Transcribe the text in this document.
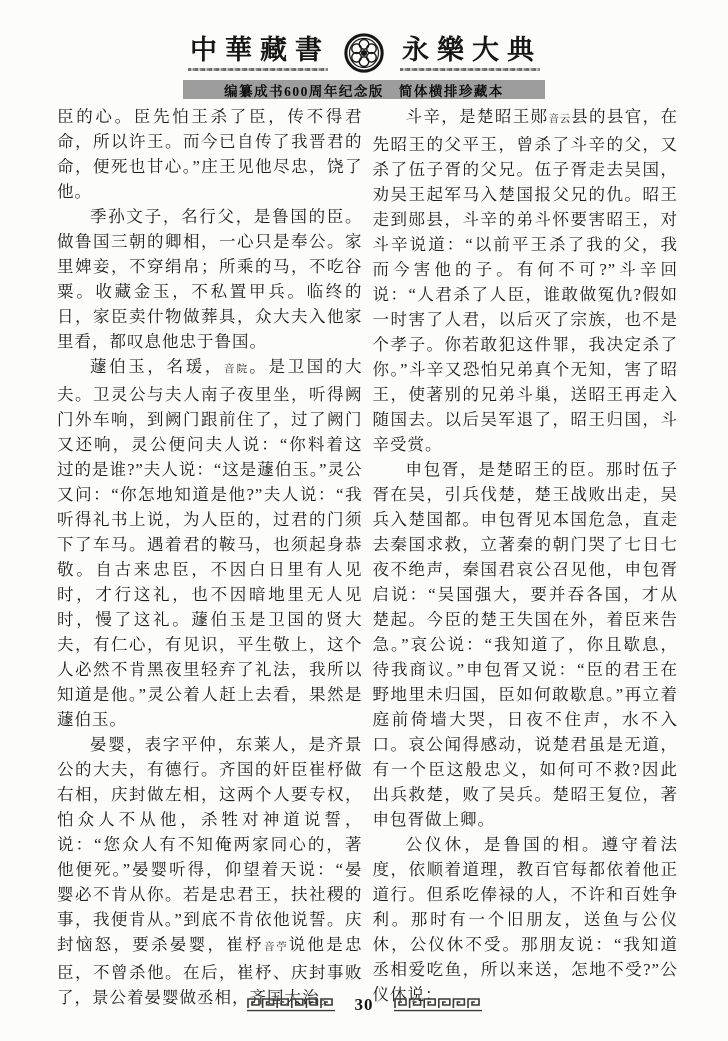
中華藏書	永樂大典
编纂成书600周年纪念版　简体横排珍藏本

臣的心。臣先怕王杀了臣，传不得君命，所以许王。而今已自传了我晋君的命，便死也甘心。”庄王见他尽忠，饶了他。

季孙文子，名行父，是鲁国的臣。做鲁国三朝的卿相，一心只是奉公。家里婢妾，不穿绢帛；所乘的马，不吃谷粟。收藏金玉，不私置甲兵。临终的日，家臣卖什物做葬具，众大夫入他家里看，都叹息他忠于鲁国。

蘧伯玉，名瑗，音院。是卫国的大夫。卫灵公与夫人南子夜里坐，听得阙门外车响，到阙门跟前住了，过了阙门又还响，灵公便问夫人说：“你料着这过的是谁?”夫人说：“这是蘧伯玉。”灵公又问：“你怎地知道是他?”夫人说：“我听得礼书上说，为人臣的，过君的门须下了车马。遇着君的鞍马，也须起身恭敬。自古来忠臣，不因白日里有人见时，才行这礼，也不因暗地里无人见时，慢了这礼。蘧伯玉是卫国的贤大夫，有仁心，有见识，平生敬上，这个人必然不肯黑夜里轻弃了礼法，我所以知道是他。”灵公着人赶上去看，果然是蘧伯玉。

晏婴，表字平仲，东莱人，是齐景公的大夫，有德行。齐国的奸臣崔杼做右相，庆封做左相，这两个人要专权，怕众人不从他，杀牲对神道说誓，说：“您众人有不知俺两家同心的，著他便死。”晏婴听得，仰望着天说：“晏婴必不肯从你。若是忠君王，扶社稷的事，我便肯从。”到底不肯依他说誓。庆封恼怒，要杀晏婴，崔杼音苧说他是忠臣，不曾杀他。在后，崔杼、庆封事败了，景公着晏婴做丞相，齐国大治。

斗辛，是楚昭王郧音云县的县官，在先昭王的父平王，曾杀了斗辛的父，又杀了伍子胥的父兄。伍子胥走去吴国，劝吴王起军马入楚国报父兄的仇。昭王走到郧县，斗辛的弟斗怀要害昭王，对斗辛说道：“以前平王杀了我的父，我而今害他的子。有何不可?”斗辛回说：“人君杀了人臣，谁敢做冤仇?假如一时害了人君，以后灭了宗族，也不是个孝子。你若敢犯这件罪，我决定杀了你。”斗辛又恐怕兄弟真个无知，害了昭王，使著别的兄弟斗巢，送昭王再走入随国去。以后吴军退了，昭王归国，斗辛受赏。

申包胥，是楚昭王的臣。那时伍子胥在吴，引兵伐楚，楚王战败出走，吴兵入楚国都。申包胥见本国危急，直走去秦国求救，立著秦的朝门哭了七日七夜不绝声，秦国君哀公召见他，申包胥启说：“吴国强大，要并吞各国，才从楚起。今臣的楚王失国在外，着臣来告急。”哀公说：“我知道了，你且歇息，待我商议。”申包胥又说：“臣的君王在野地里未归国，臣如何敢歇息。”再立着庭前倚墙大哭，日夜不住声，水不入口。哀公闻得感动，说楚君虽是无道，有一个臣这般忠义，如何可不救?因此出兵救楚，败了吴兵。楚昭王复位，著申包胥做上卿。

公仪休，是鲁国的相。遵守着法度，依顺着道理，教百官每都依着他正道行。但系吃俸禄的人，不许和百姓争利。那时有一个旧朋友，送鱼与公仪休，公仪休不受。那朋友说：“我知道丞相爱吃鱼，所以来送，怎地不受?”公仪休说：

30
